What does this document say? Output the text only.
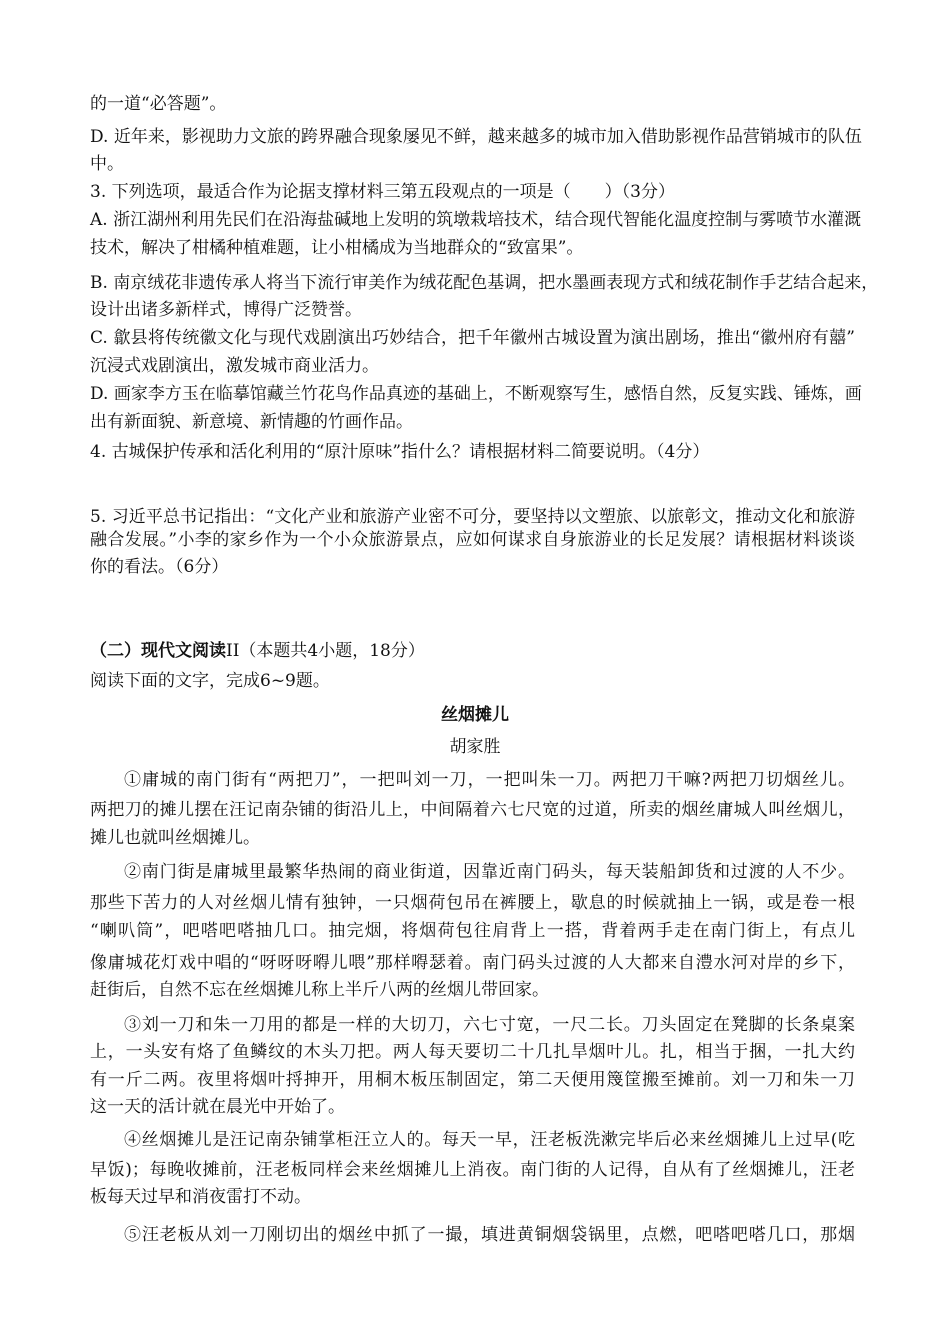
的一道“必答题”。
D. 近年来，影视助力文旅的跨界融合现象屡见不鲜，越来越多的城市加入借助影视作品营销城市的队伍
中。
3. 下列选项，最适合作为论据支撑材料三第五段观点的一项是（　　）（3分）
A. 浙江湖州利用先民们在沿海盐碱地上发明的筑墩栽培技术，结合现代智能化温度控制与雾喷节水灌溉
技术，解决了柑橘种植难题，让小柑橘成为当地群众的“致富果”。
B. 南京绒花非遗传承人将当下流行审美作为绒花配色基调，把水墨画表现方式和绒花制作手艺结合起来，
设计出诸多新样式，博得广泛赞誉。
C. 歙县将传统徽文化与现代戏剧演出巧妙结合，把千年徽州古城设置为演出剧场，推出“徽州府有囍”
沉浸式戏剧演出，激发城市商业活力。
D. 画家李方玉在临摹馆藏兰竹花鸟作品真迹的基础上，不断观察写生，感悟自然，反复实践、锤炼，画
出有新面貌、新意境、新情趣的竹画作品。
4. 古城保护传承和活化利用的“原汁原味”指什么？请根据材料二简要说明。（4分）
5. 习近平总书记指出：“文化产业和旅游产业密不可分，要坚持以文塑旅、以旅彰文，推动文化和旅游
融合发展。”小李的家乡作为一个小众旅游景点，应如何谋求自身旅游业的长足发展？请根据材料谈谈
你的看法。（6分）
（二）现代文阅读II（本题共4小题，18分）
阅读下面的文字，完成6~9题。
丝烟摊儿
胡家胜
①庸城的南门街有“两把刀”，一把叫刘一刀，一把叫朱一刀。两把刀干嘛?两把刀切烟丝儿。
两把刀的摊儿摆在汪记南杂铺的街沿儿上，中间隔着六七尺宽的过道，所卖的烟丝庸城人叫丝烟儿，
摊儿也就叫丝烟摊儿。
②南门街是庸城里最繁华热闹的商业街道，因靠近南门码头，每天装船卸货和过渡的人不少。
那些下苦力的人对丝烟儿情有独钟，一只烟荷包吊在裤腰上，歇息的时候就抽上一锅，或是卷一根
“喇叭筒”，吧嗒吧嗒抽几口。抽完烟，将烟荷包往肩背上一搭，背着两手走在南门街上，有点儿
像庸城花灯戏中唱的“呀呀呀嘚儿喂”那样嘚瑟着。南门码头过渡的人大都来自澧水河对岸的乡下，
赶街后，自然不忘在丝烟摊儿称上半斤八两的丝烟儿带回家。
③刘一刀和朱一刀用的都是一样的大切刀，六七寸宽，一尺二长。刀头固定在凳脚的长条桌案
上，一头安有烙了鱼鳞纹的木头刀把。两人每天要切二十几扎旱烟叶儿。扎，相当于捆，一扎大约
有一斤二两。夜里将烟叶捋抻开，用桐木板压制固定，第二天便用篾筐搬至摊前。刘一刀和朱一刀
这一天的活计就在晨光中开始了。
④丝烟摊儿是汪记南杂铺掌柜汪立人的。每天一早，汪老板洗漱完毕后必来丝烟摊儿上过早(吃
早饭)；每晚收摊前，汪老板同样会来丝烟摊儿上消夜。南门街的人记得，自从有了丝烟摊儿，汪老
板每天过早和消夜雷打不动。
⑤汪老板从刘一刀刚切出的烟丝中抓了一撮，填进黄铜烟袋锅里，点燃，吧嗒吧嗒几口，那烟
